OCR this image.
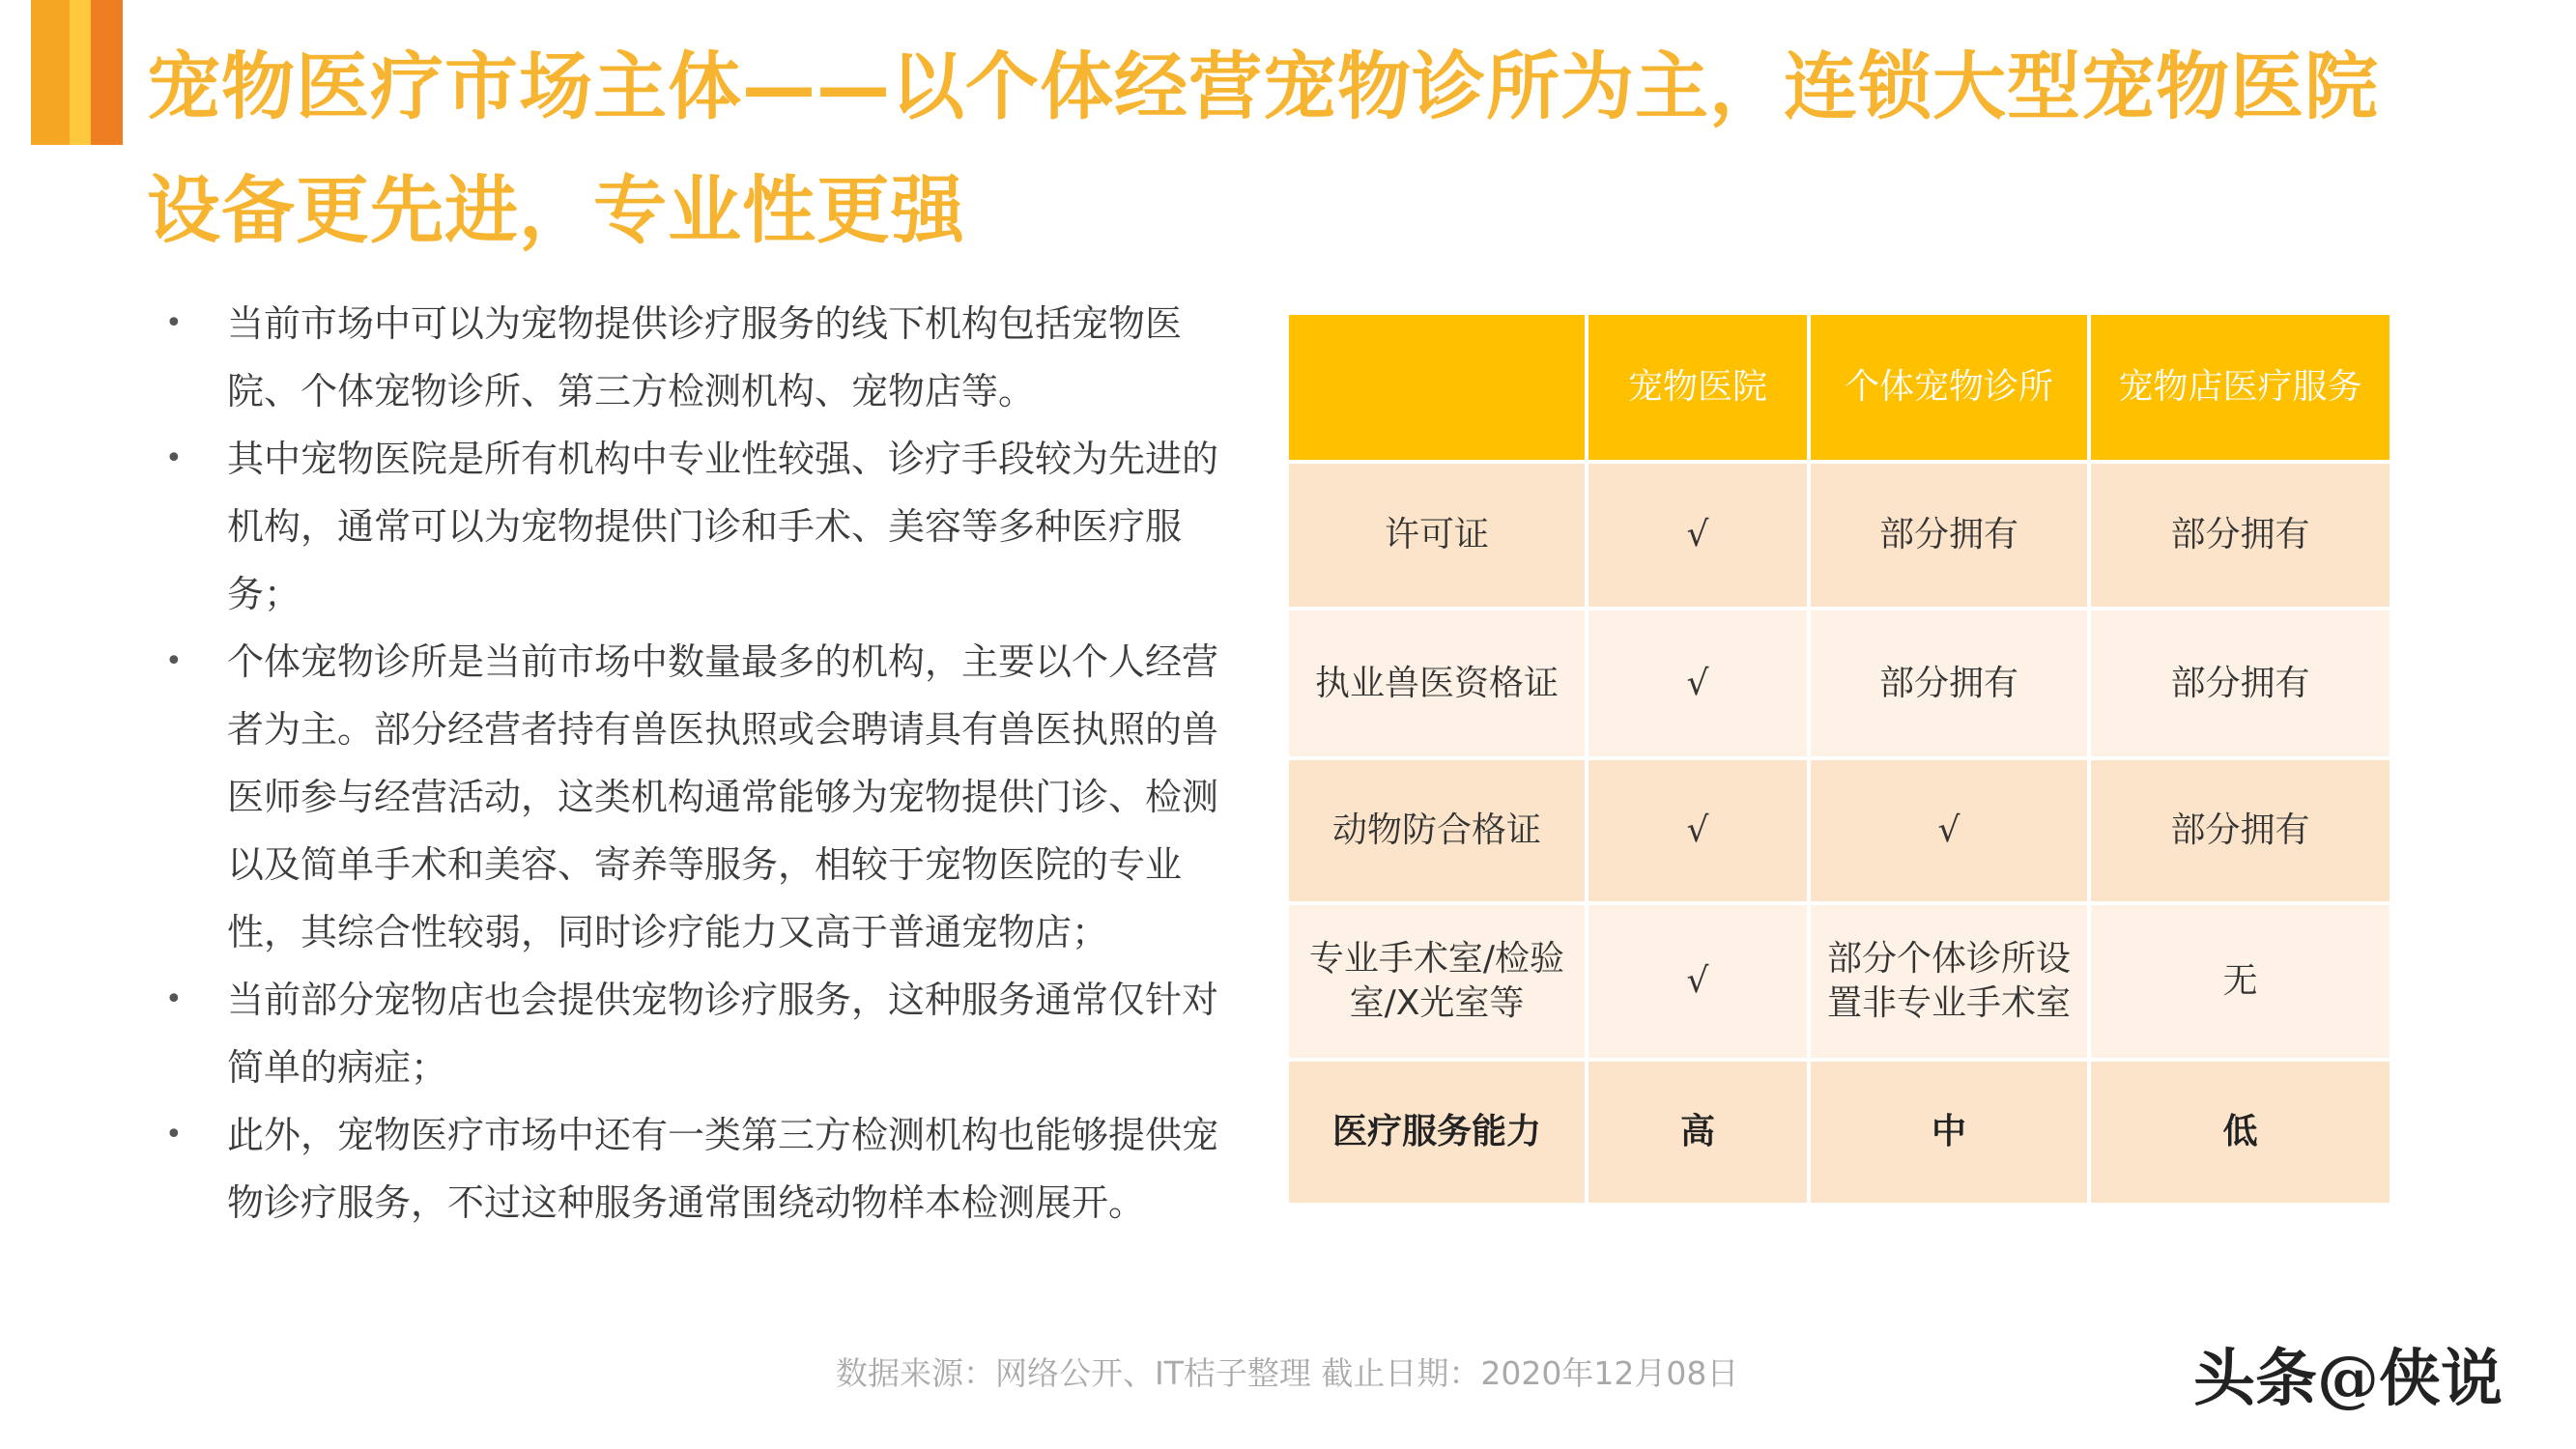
宠物医疗市场主体——以个体经营宠物诊所为主，连锁大型宠物医院
设备更先进，专业性更强
• 当前市场中可以为宠物提供诊疗服务的线下机构包括宠物医院、个体宠物诊所、第三方检测机构、宠物店等。
• 其中宠物医院是所有机构中专业性较强、诊疗手段较为先进的机构，通常可以为宠物提供门诊和手术、美容等多种医疗服务；
• 个体宠物诊所是当前市场中数量最多的机构，主要以个人经营者为主。部分经营者持有兽医执照或会聘请具有兽医执照的兽医师参与经营活动，这类机构通常能够为宠物提供门诊、检测以及简单手术和美容、寄养等服务，相较于宠物医院的专业性，其综合性较弱，同时诊疗能力又高于普通宠物店；
• 当前部分宠物店也会提供宠物诊疗服务，这种服务通常仅针对简单的病症；
• 此外，宠物医疗市场中还有一类第三方检测机构也能够提供宠物诊疗服务，不过这种服务通常围绕动物样本检测展开。
	宠物医院	个体宠物诊所	宠物店医疗服务
许可证	√	部分拥有	部分拥有
执业兽医资格证	√	部分拥有	部分拥有
动物防合格证	√	√	部分拥有
专业手术室/检验室/X光室等	√	部分个体诊所设置非专业手术室	无
医疗服务能力	高	中	低
数据来源：网络公开、IT桔子整理 截止日期：2020年12月08日	头条@侠说
